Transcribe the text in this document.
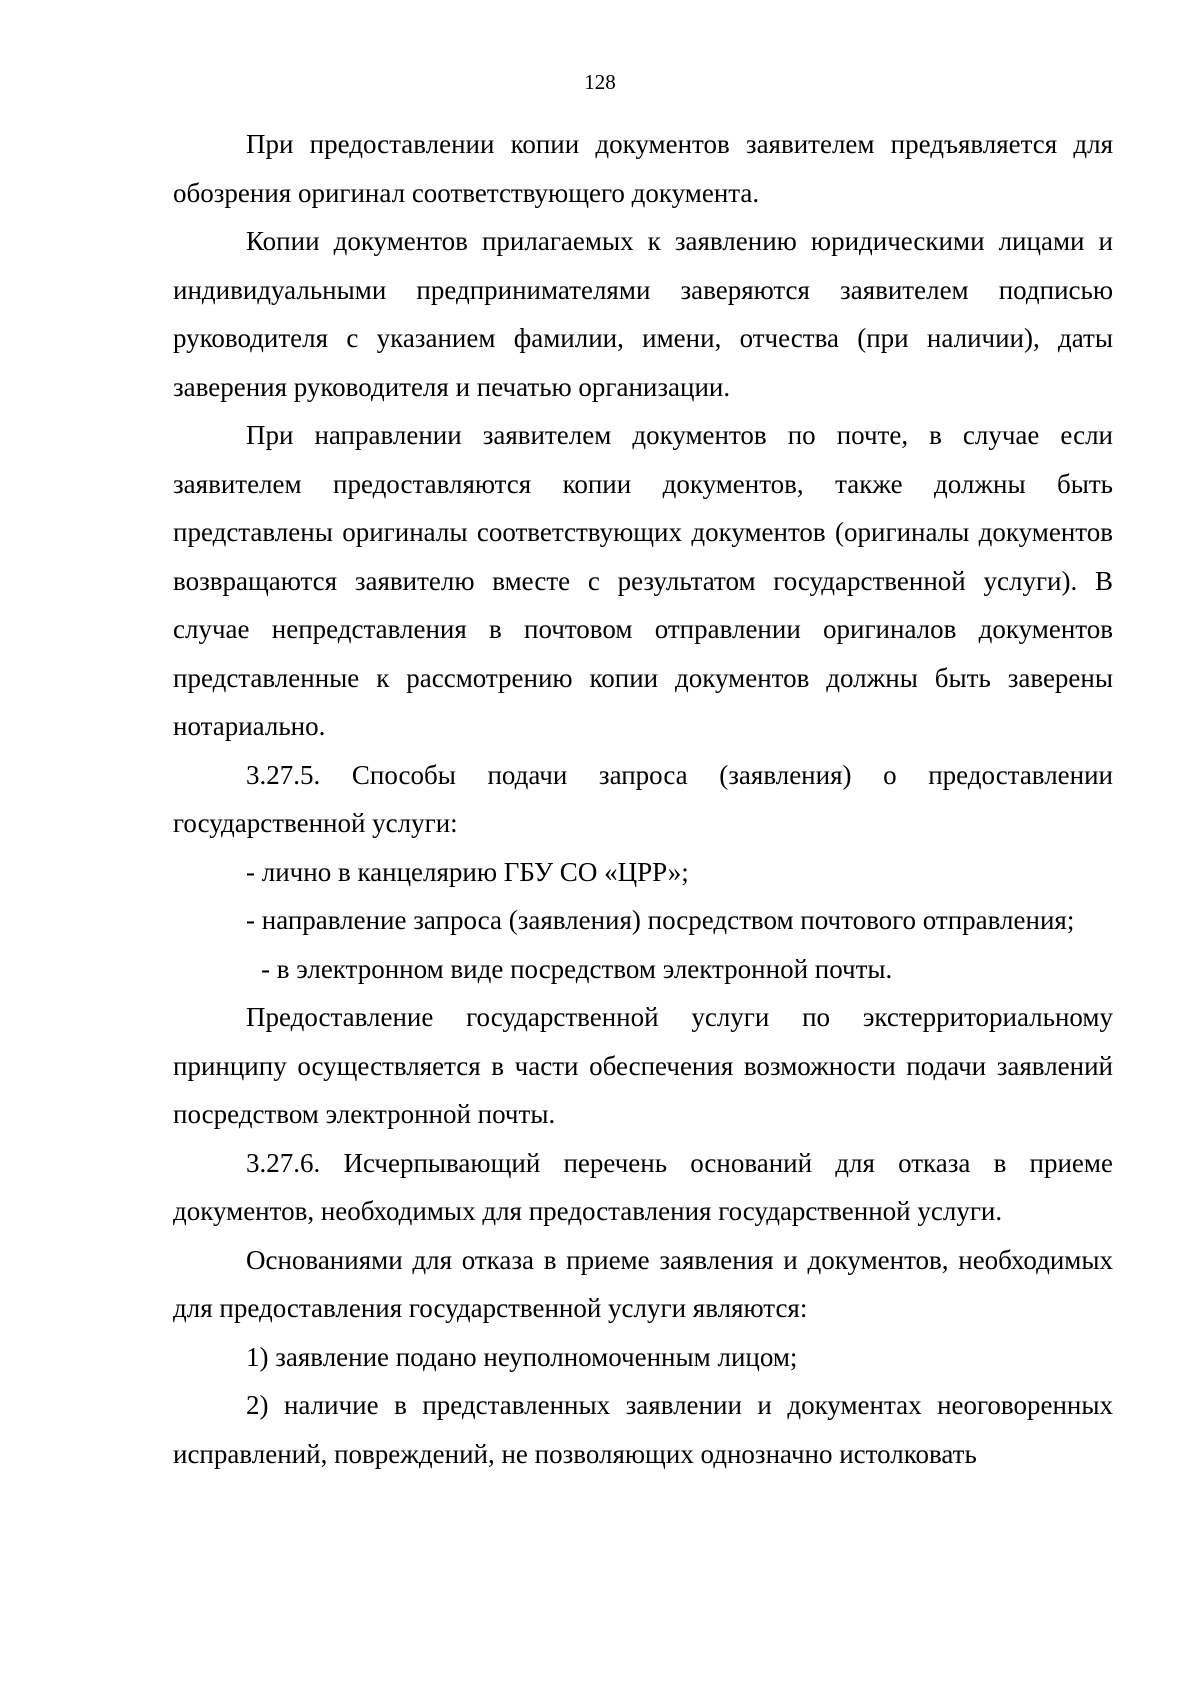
128

При предоставлении копии документов заявителем предъявляется для обозрения оригинал соответствующего документа.

Копии документов прилагаемых к заявлению юридическими лицами и индивидуальными предпринимателями заверяются заявителем подписью руководителя с указанием фамилии, имени, отчества (при наличии), даты заверения руководителя и печатью организации.

При направлении заявителем документов по почте, в случае если заявителем предоставляются копии документов, также должны быть представлены оригиналы соответствующих документов (оригиналы документов возвращаются заявителю вместе с результатом государственной услуги). В случае непредставления в почтовом отправлении оригиналов документов представленные к рассмотрению копии документов должны быть заверены нотариально.

3.27.5. Способы подачи запроса (заявления) о предоставлении государственной услуги:

- лично в канцелярию ГБУ СО «ЦРР»;

- направление запроса (заявления) посредством почтового отправления;

- в электронном виде посредством электронной почты.

Предоставление государственной услуги по экстерриториальному принципу осуществляется в части обеспечения возможности подачи заявлений посредством электронной почты.

3.27.6. Исчерпывающий перечень оснований для отказа в приеме документов, необходимых для предоставления государственной услуги.

Основаниями для отказа в приеме заявления и документов, необходимых для предоставления государственной услуги являются:

1) заявление подано неуполномоченным лицом;

2) наличие в представленных заявлении и документах неоговоренных исправлений, повреждений, не позволяющих однозначно истолковать
